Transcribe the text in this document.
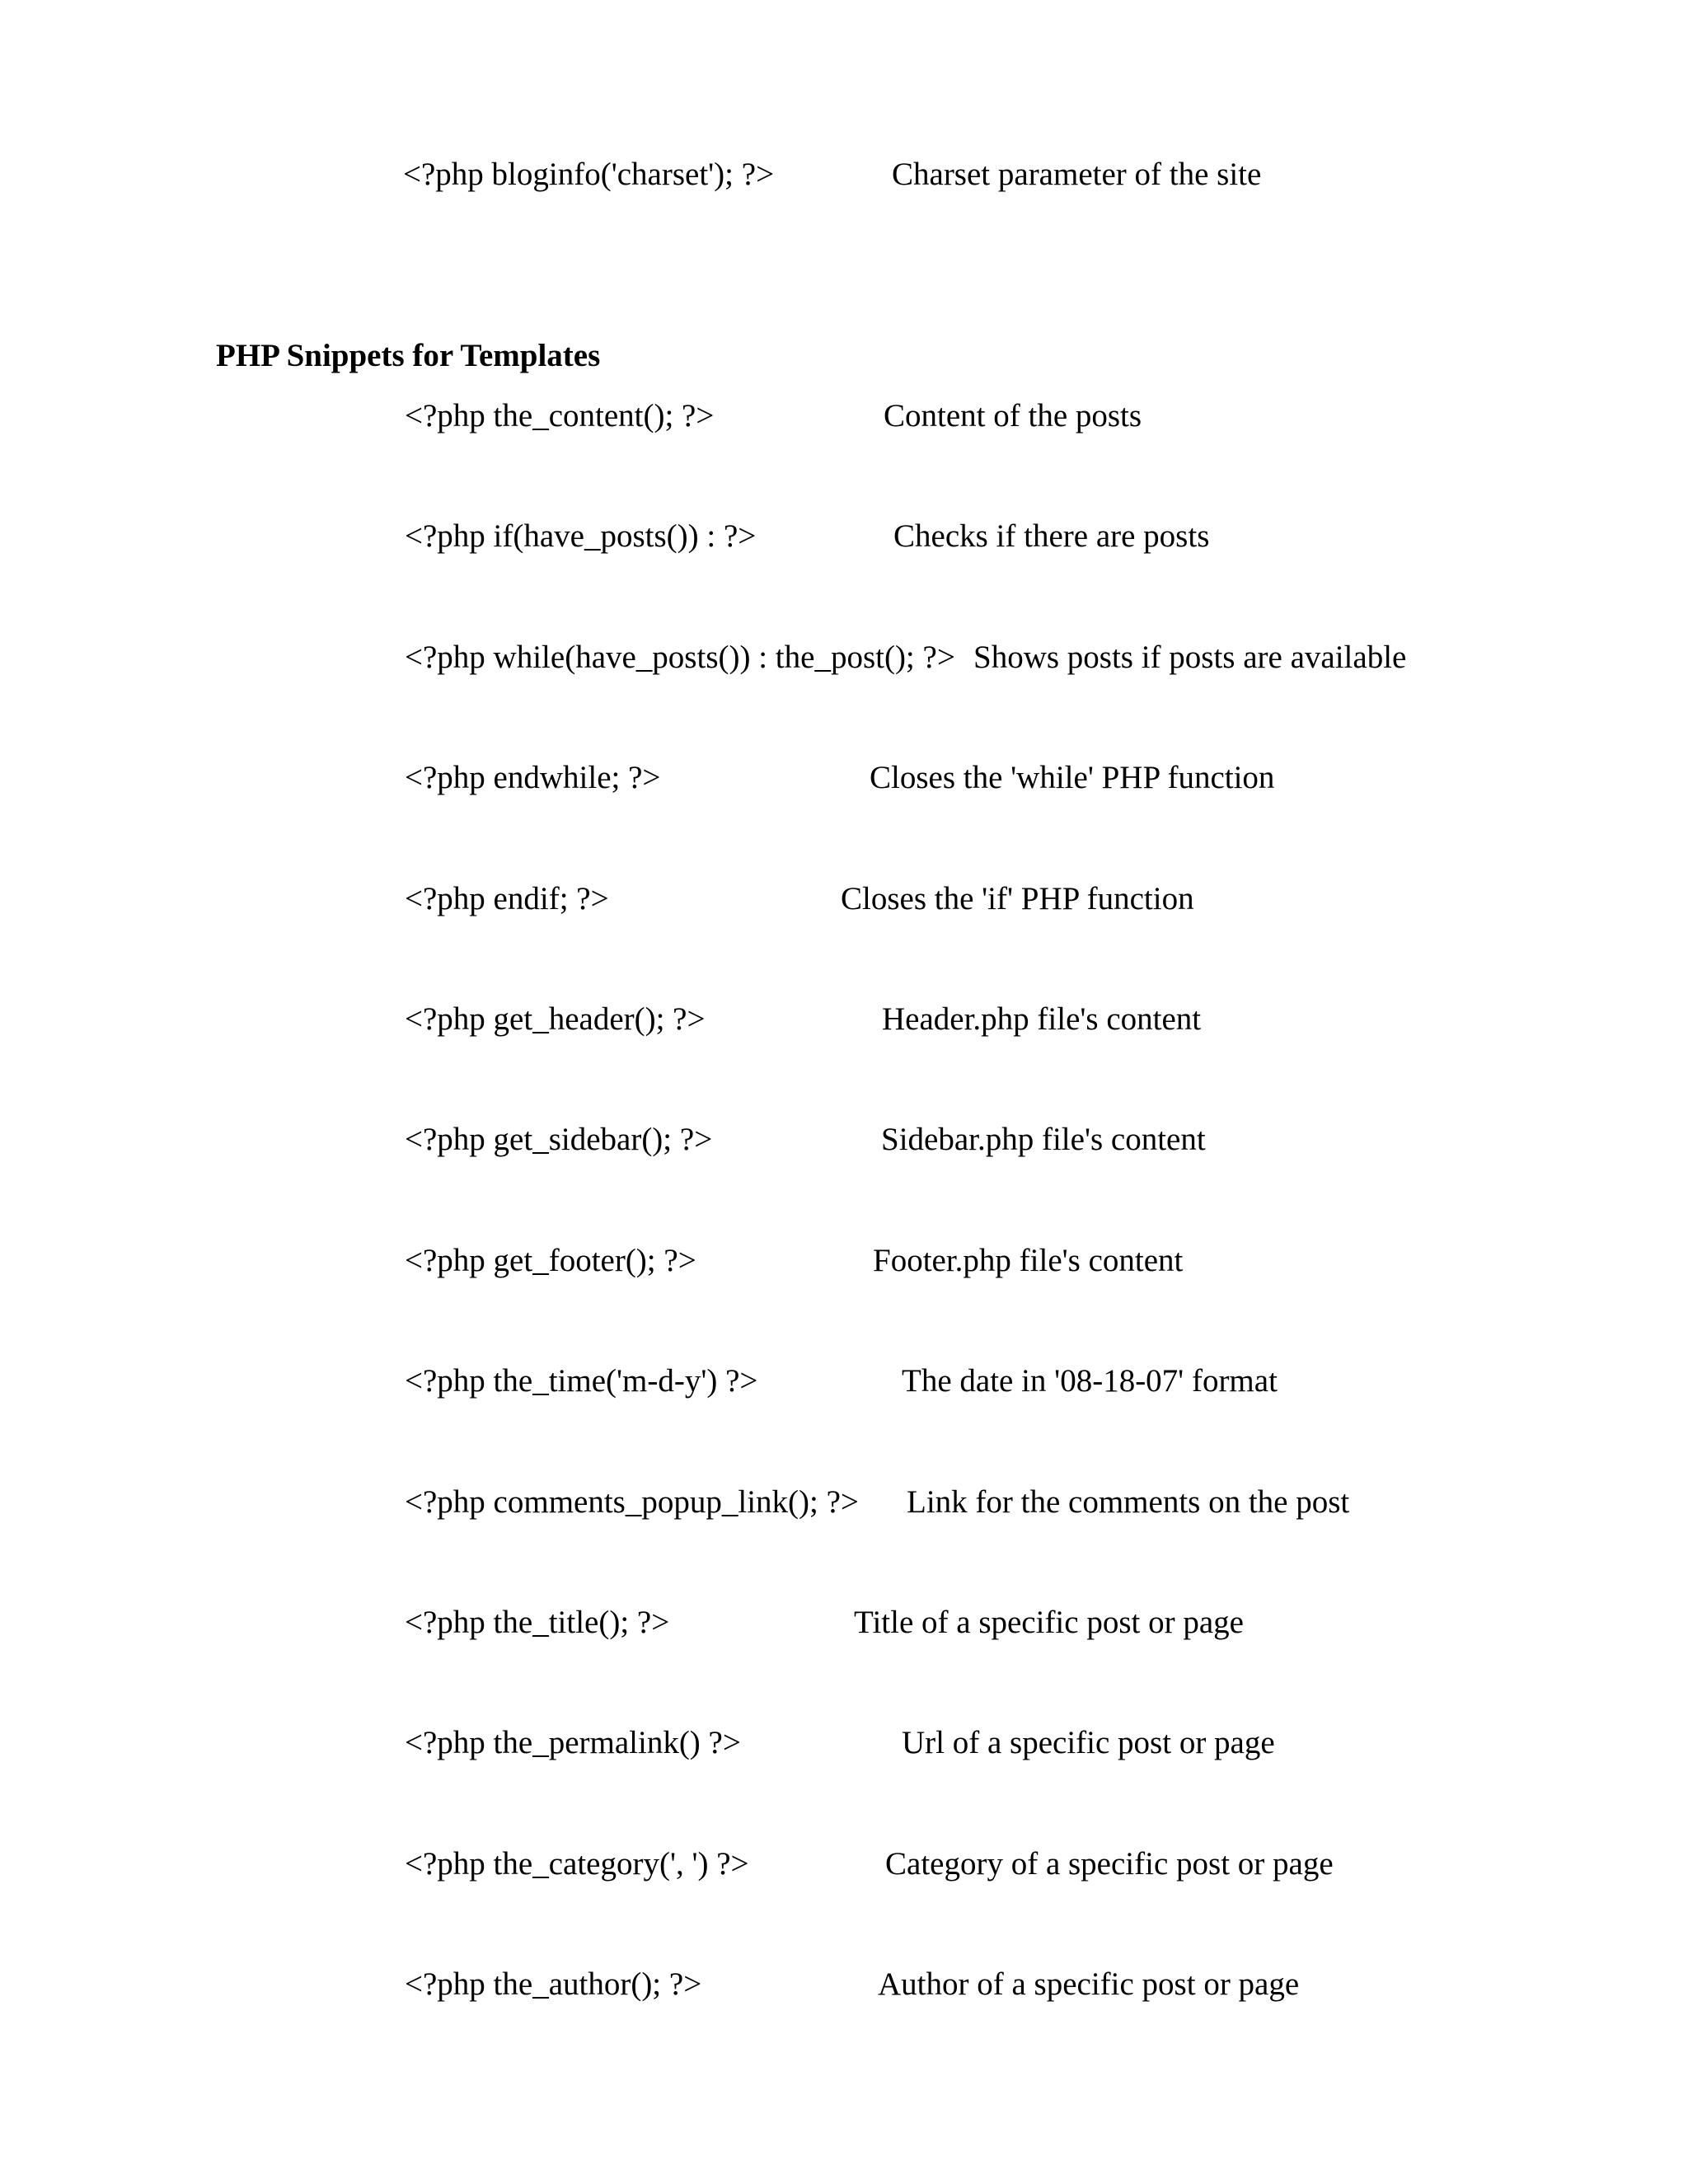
<?php bloginfo('charset'); ?>	Charset parameter of the site
PHP Snippets for Templates
<?php the_content(); ?>	Content of the posts
<?php if(have_posts()) : ?>	Checks if there are posts
<?php while(have_posts()) : the_post(); ?> Shows posts if posts are available
<?php endwhile; ?>	Closes the 'while' PHP function
<?php endif; ?>	Closes the 'if' PHP function
<?php get_header(); ?>	Header.php file's content
<?php get_sidebar(); ?>	Sidebar.php file's content
<?php get_footer(); ?>	Footer.php file's content
<?php the_time('m-d-y') ?>	The date in '08-18-07' format
<?php comments_popup_link(); ?> Link for the comments on the post
<?php the_title(); ?>	Title of a specific post or page
<?php the_permalink() ?>	Url of a specific post or page
<?php the_category(', ') ?>	Category of a specific post or page
<?php the_author(); ?>	Author of a specific post or page
